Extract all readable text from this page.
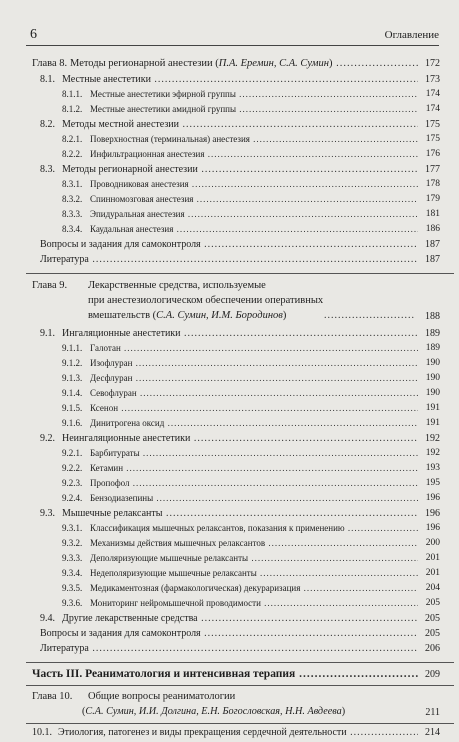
6	Оглавление
Глава 8. Методы регионарной анестезии (П.А. Еремин, С.А. Сумин) .....	172
8.1. Местные анестетики .....	173
8.1.1. Местные анестетики эфирной группы .....	174
8.1.2. Местные анестетики амидной группы .....	174
8.2. Методы местной анестезии .....	175
8.2.1. Поверхностная (терминальная) анестезия .....	175
8.2.2. Инфильтрационная анестезия .....	176
8.3. Методы регионарной анестезии .....	177
8.3.1. Проводниковая анестезия .....	178
8.3.2. Спинномозговая анестезия .....	179
8.3.3. Эпидуральная анестезия .....	181
8.3.4. Каудальная анестезия .....	186
Вопросы и задания для самоконтроля .....	187
Литература .....	187
Глава 9. Лекарственные средства, используемые
при анестезиологическом обеспечении оперативных
вмешательств (С.А. Сумин, И.М. Бородинов)	.......................... 188
9.1. Ингаляционные анестетики .....	189
9.1.1. Галотан .....	189
9.1.2. Изофлуран .....	190
9.1.3. Десфлуран .....	190
9.1.4. Севофлуран .....	190
9.1.5. Ксенон .....	191
9.1.6. Динитрогена оксид .....	191
9.2. Неингаляционные анестетики .....	192
9.2.1. Барбитураты .....	192
9.2.2. Кетамин .....	193
9.2.3. Пропофол .....	195
9.2.4. Бензодиазепины .....	196
9.3. Мышечные релаксанты .....	196
9.3.1. Классификация мышечных релаксантов, показания к применению .....	196
9.3.2. Механизмы действия мышечных релаксантов .....	200
9.3.3. Деполяризующие мышечные релаксанты .....	201
9.3.4. Недеполяризующие мышечные релаксанты .....	201
9.3.5. Медикаментозная (фармакологическая) декураризация .....	204
9.3.6. Мониторинг нейромышечной проводимости .....	205
9.4. Другие лекарственные средства .....	205
Вопросы и задания для самоконтроля .....	205
Литература .....	206
Часть III. Реаниматология и интенсивная терапия .....	209
Глава 10. Общие вопросы реаниматологии
(С.А. Сумин, И.И. Долгина, Е.Н. Богословская, Н.Н. Авдеева)	211
10.1. Этиология, патогенез и виды прекращения сердечной деятельности .....	214
